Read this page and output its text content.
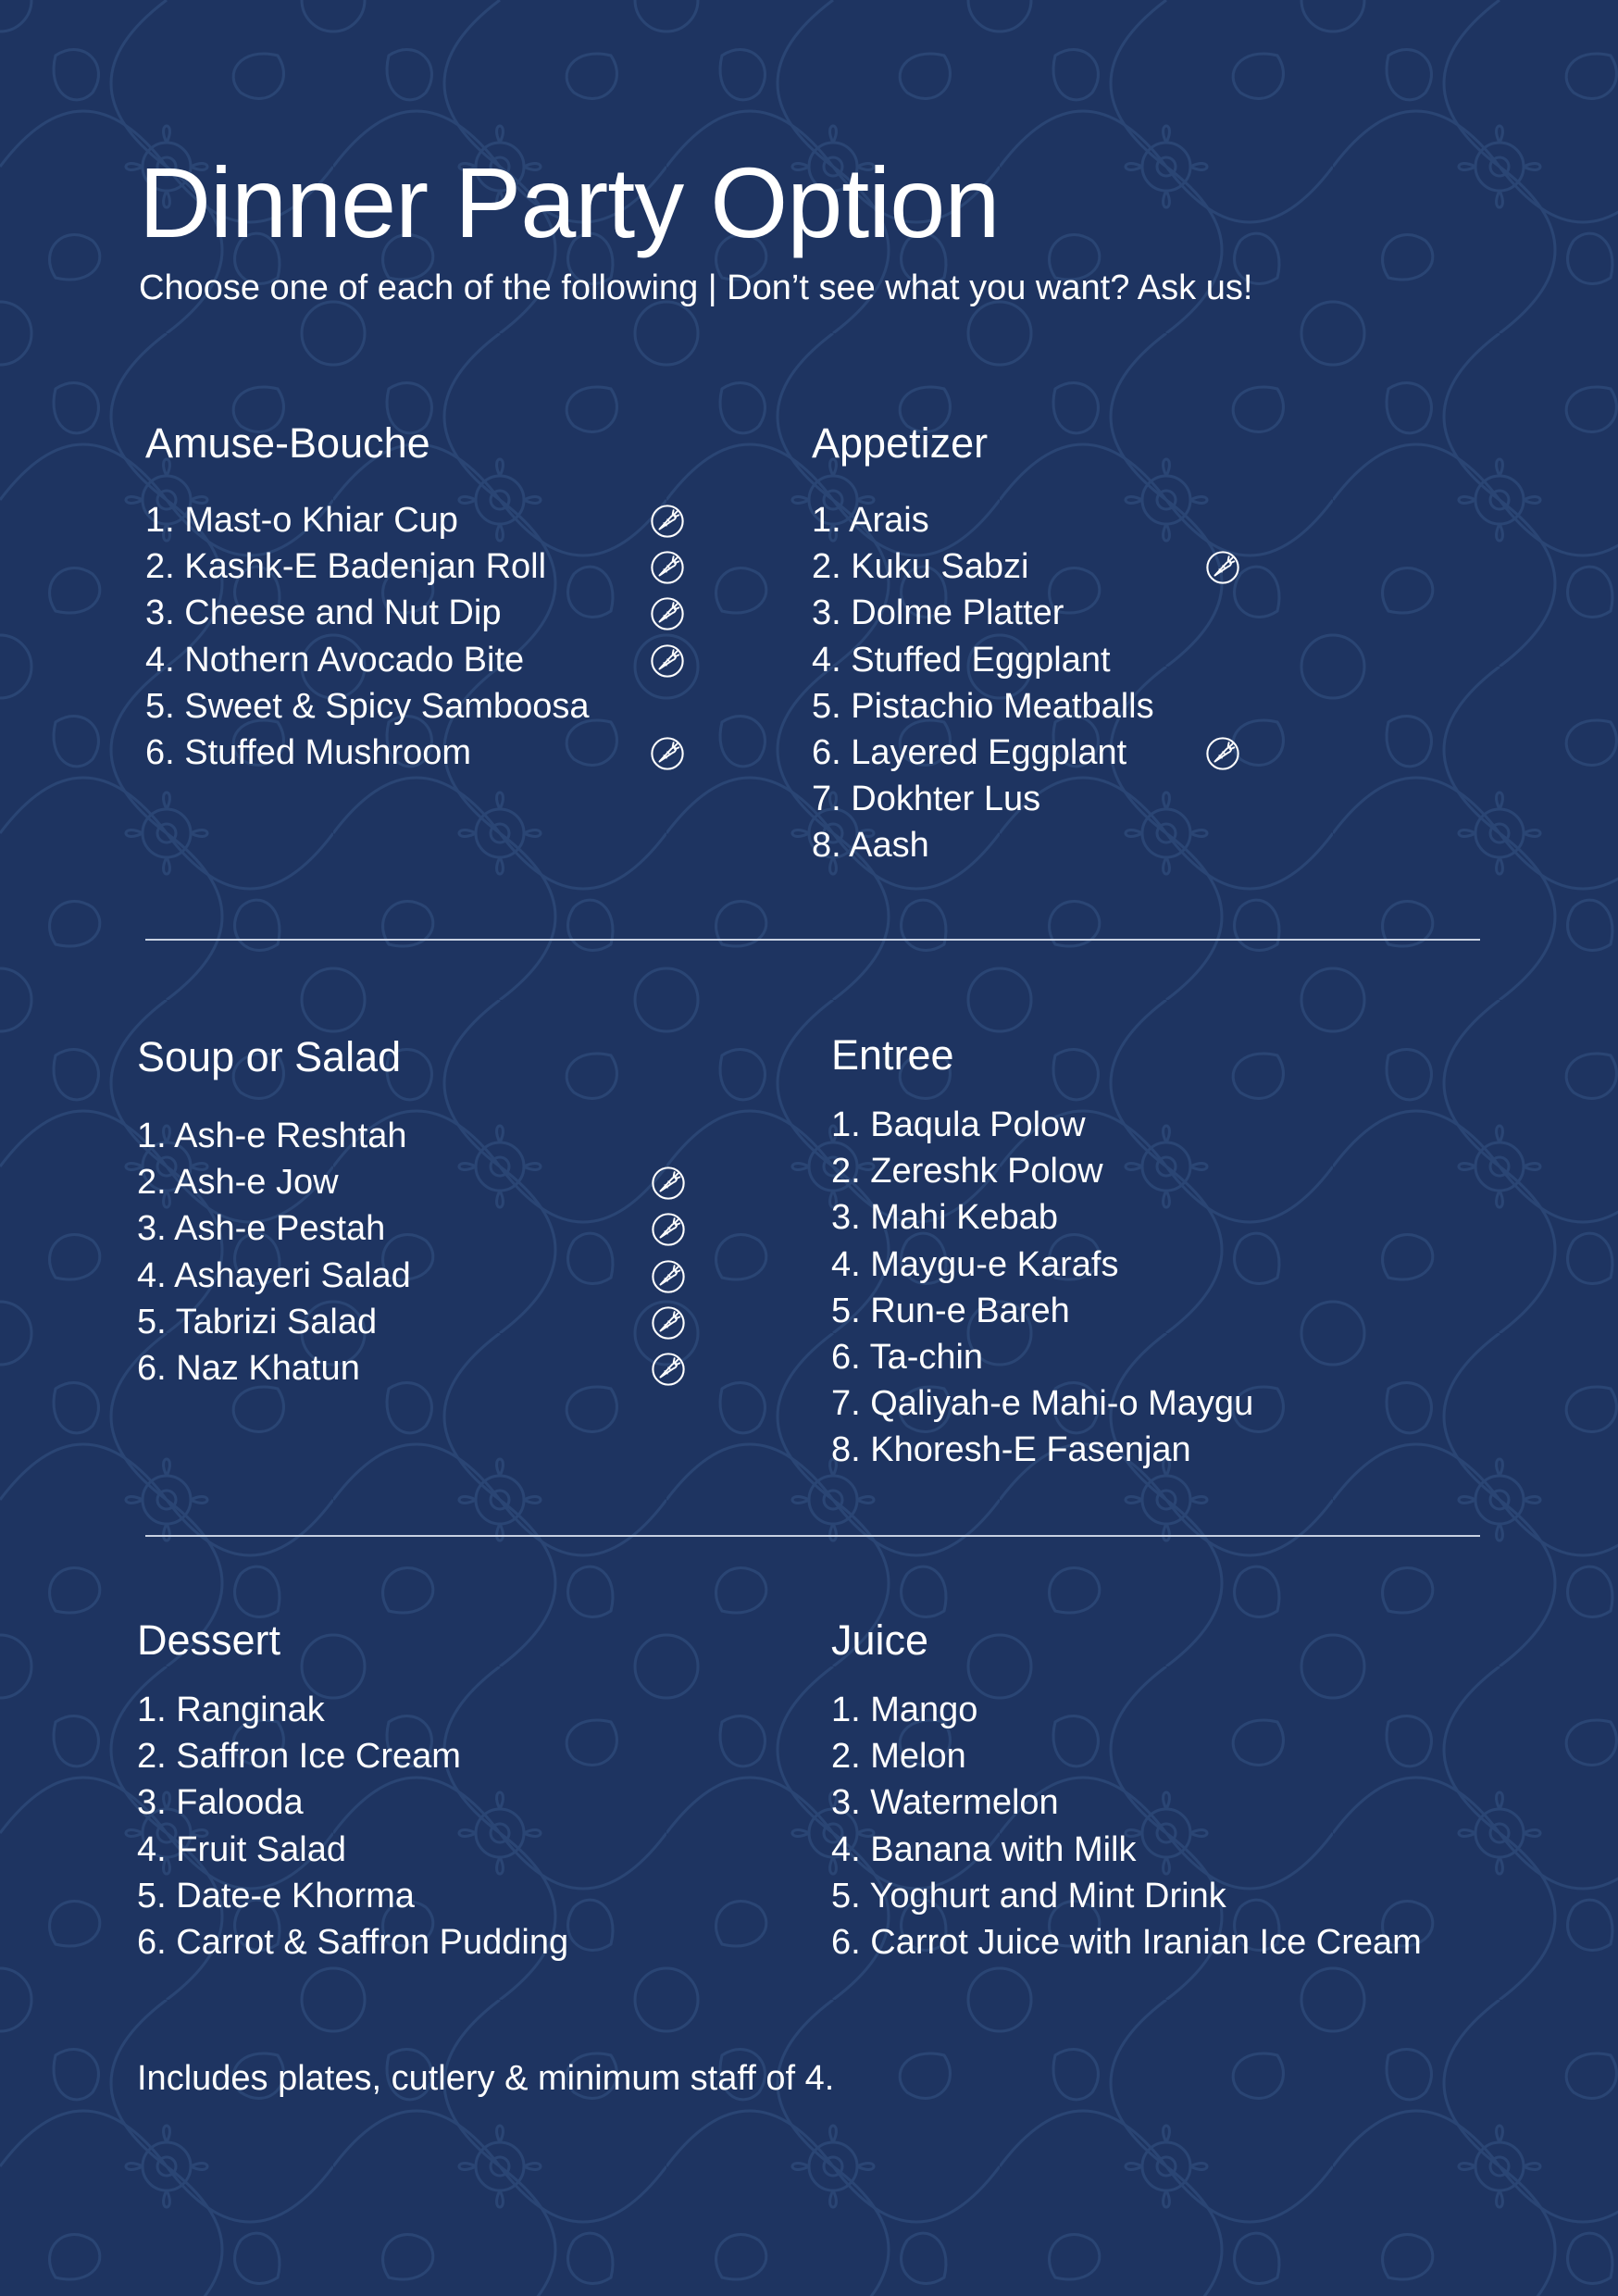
Dinner Party Option

Choose one of each of the following | Don’t see what you want? Ask us!

Amuse-Bouche
1. Mast-o Khiar Cup
2. Kashk-E Badenjan Roll
3. Cheese and Nut Dip
4. Nothern Avocado Bite
5. Sweet & Spicy Samboosa
6. Stuffed Mushroom
Appetizer
1. Arais
2. Kuku Sabzi
3. Dolme Platter
4. Stuffed Eggplant
5. Pistachio Meatballs
6. Layered Eggplant
7. Dokhter Lus
8. Aash
Soup or Salad
1. Ash-e Reshtah
2. Ash-e Jow
3. Ash-e Pestah
4. Ashayeri Salad
5. Tabrizi Salad
6. Naz Khatun
Entree
1. Baqula Polow
2. Zereshk Polow
3. Mahi Kebab
4. Maygu-e Karafs
5. Run-e Bareh
6. Ta-chin
7. Qaliyah-e Mahi-o Maygu
8. Khoresh-E Fasenjan
Dessert
1. Ranginak
2. Saffron Ice Cream
3. Falooda
4. Fruit Salad
5. Date-e Khorma
6. Carrot & Saffron Pudding
Juice
1. Mango
2. Melon
3. Watermelon
4. Banana with Milk
5. Yoghurt and Mint Drink
6. Carrot Juice with Iranian Ice Cream

Includes plates, cutlery & minimum staff of 4.
